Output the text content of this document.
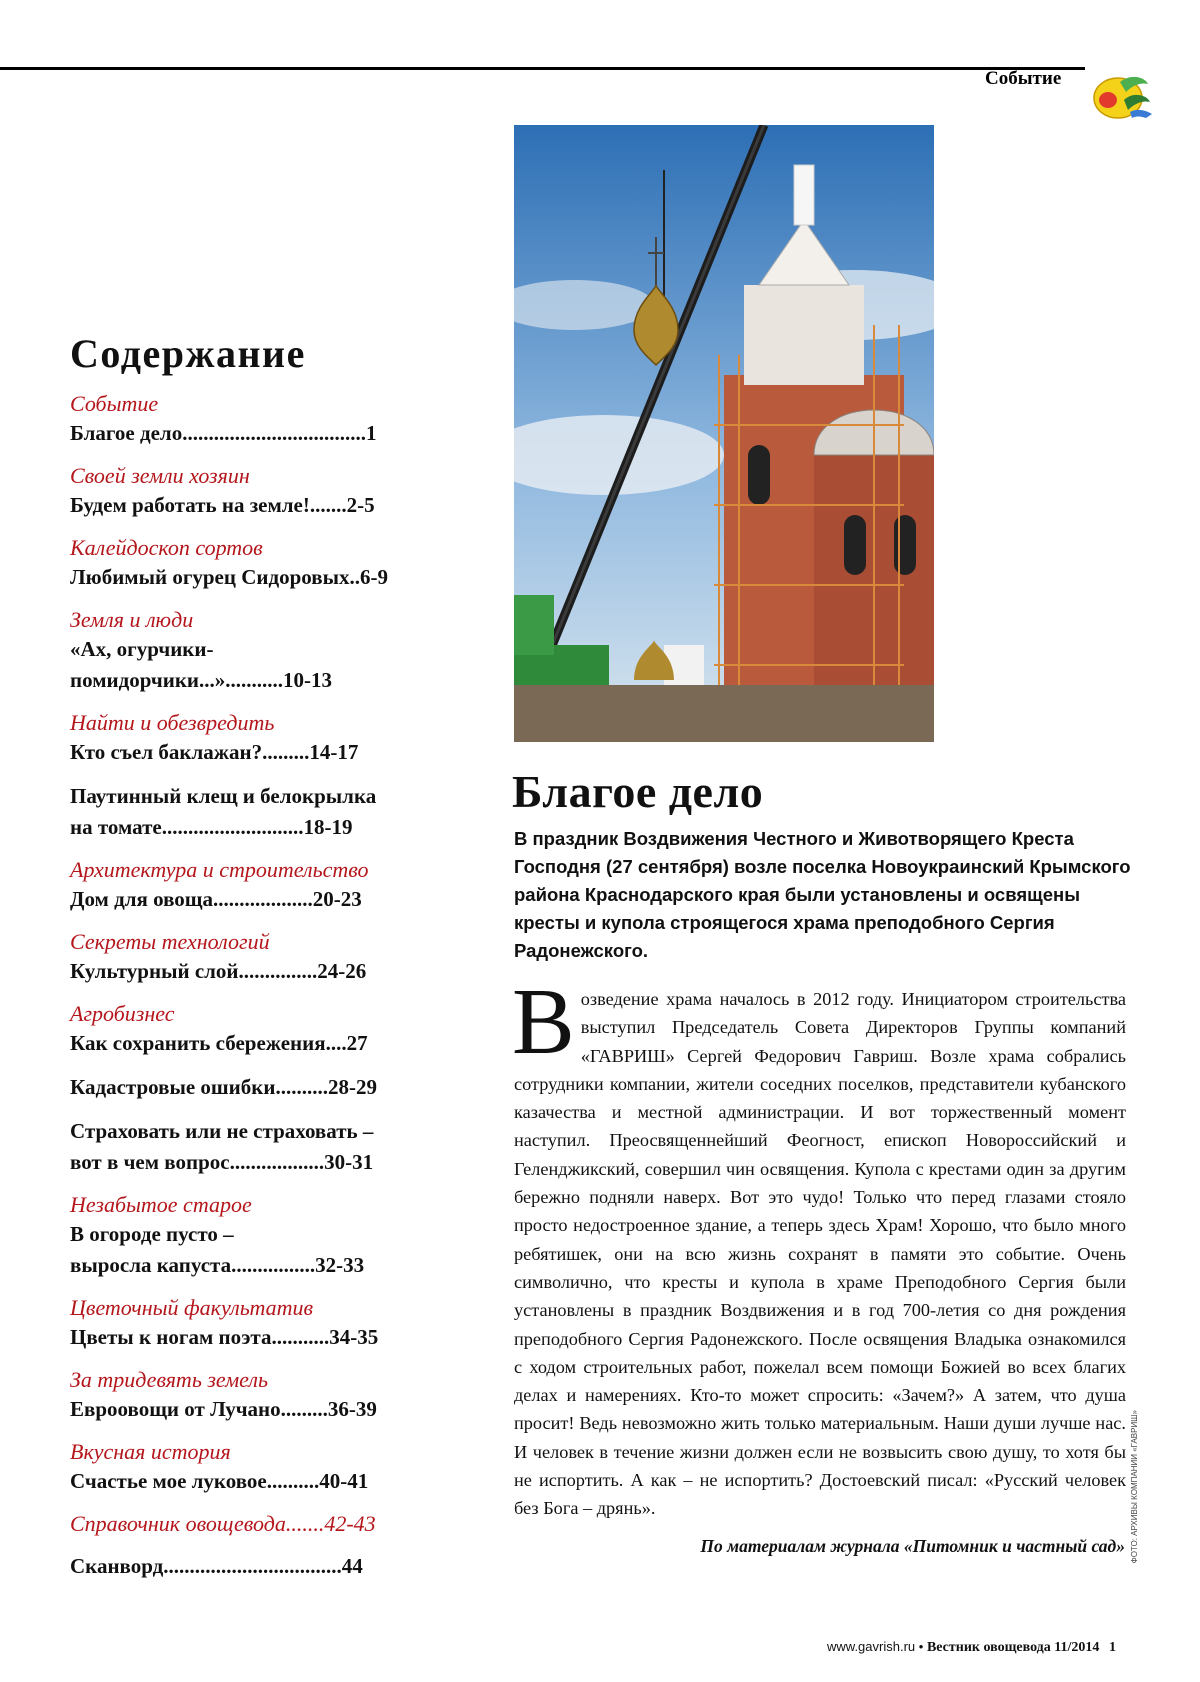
Событие
Содержание
Событие
Благое дело...................................1
Своей земли хозяин
Будем работать на земле!.......2-5
Калейдоскоп сортов
Любимый огурец Сидоровых..6-9
Земля и люди
«Ах, огурчики-
помидорчики...»...........10-13
Найти и обезвредить
Кто съел баклажан?.........14-17
Паутинный клещ и белокрылка
на томате...........................18-19
Архитектура и строительство
Дом для овоща...................20-23
Секреты технологий
Культурный слой...............24-26
Агробизнес
Как сохранить сбережения....27
Кадастровые ошибки..........28-29
Страховать или не страховать –
вот в чем вопрос..................30-31
Незабытое старое
В огороде пусто –
выросла капуста................32-33
Цветочный факультатив
Цветы к ногам поэта...........34-35
За тридевять земель
Евроовощи от Лучано.........36-39
Вкусная история
Счастье мое луковое..........40-41
Справочник овощевода.......42-43
Сканворд..................................44
Благое дело
В праздник Воздвижения Честного и Животворящего Креста Господня (27 сентября) возле поселка Новоукраинский Крымского района Краснодарского края были установлены и освящены кресты и купола строящегося храма преподобного Сергия Радонежского.
Возведение храма началось в 2012 году. Инициатором строительства выступил Председатель Совета Директоров Группы компаний «ГАВРИШ» Сергей Федорович Гавриш. Возле храма собрались сотрудники компании, жители соседних поселков, представители кубанского казачества и местной администрации. И вот торжественный момент наступил. Преосвященнейший Феогност, епископ Новороссийский и Геленджикский, совершил чин освящения. Купола с крестами один за другим бережно подняли наверх. Вот это чудо! Только что перед глазами стояло просто недостроенное здание, а теперь здесь Храм! Хорошо, что было много ребятишек, они на всю жизнь сохранят в памяти это событие. Очень символично, что кресты и купола в храме Преподобного Сергия были установлены в праздник Воздвижения и в год 700-летия со дня рождения преподобного Сергия Радонежского. После освящения Владыка ознакомился с ходом строительных работ, пожелал всем помощи Божией во всех благих делах и намерениях. Кто-то может спросить: «Зачем?» А затем, что душа просит! Ведь невозможно жить только материальным. Наши души лучше нас. И человек в течение жизни должен если не возвысить свою душу, то хотя бы не испортить. А как – не испортить? Достоевский писал: «Русский человек без Бога – дрянь».
По материалам журнала «Питомник и частный сад» ФОТО: АРХИВЫ КОМПАНИИ «ГАВРИШ»
www.gavrish.ru • Вестник овощевода 11/2014 1
